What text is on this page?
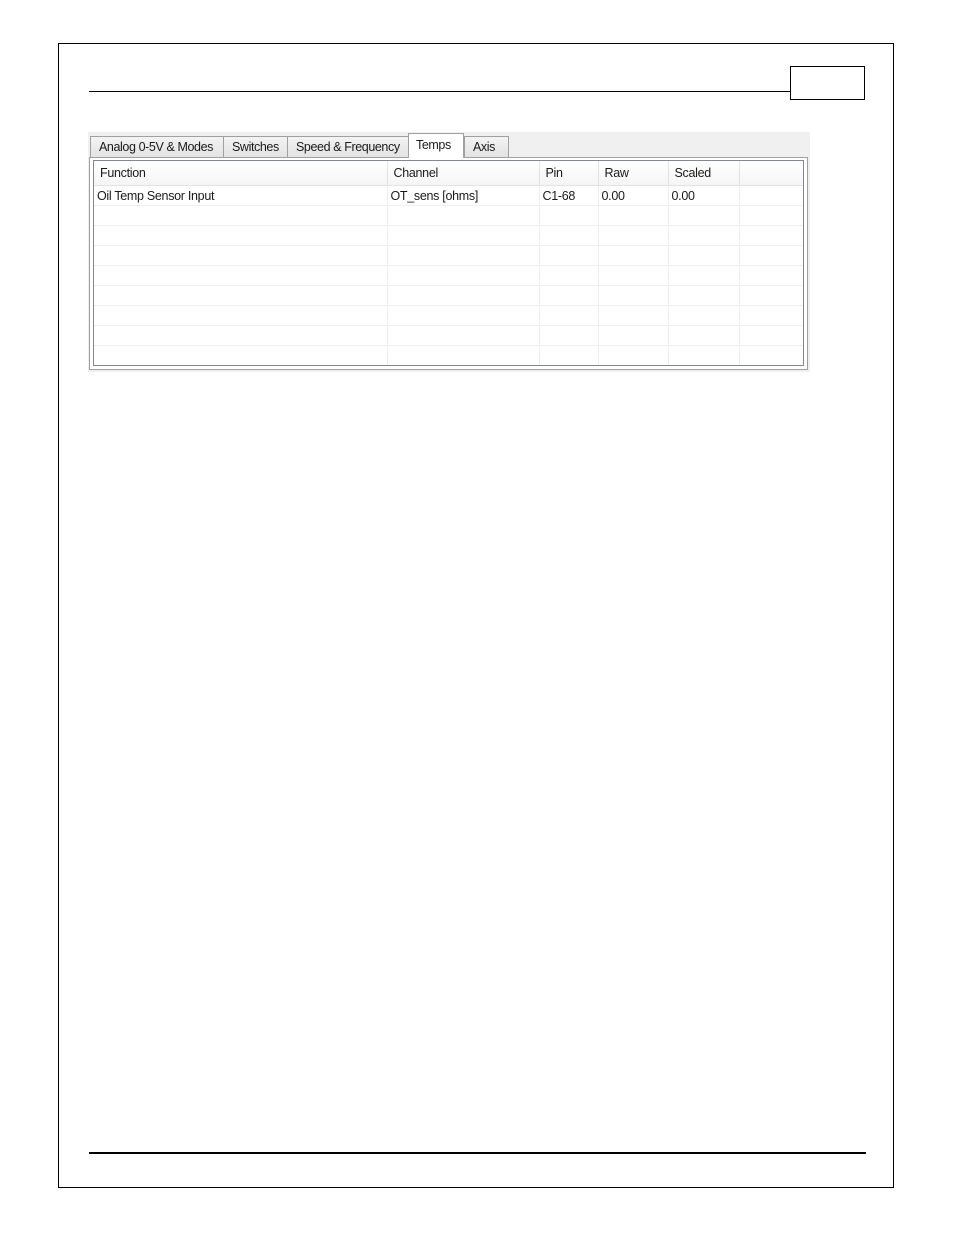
Analog 0-5V & Modes	Switches	Speed & Frequency	Temps	Axis
Function	Channel	Pin	Raw	Scaled	
Oil Temp Sensor Input	OT_sens [ohms]	C1-68	0.00	0.00	
